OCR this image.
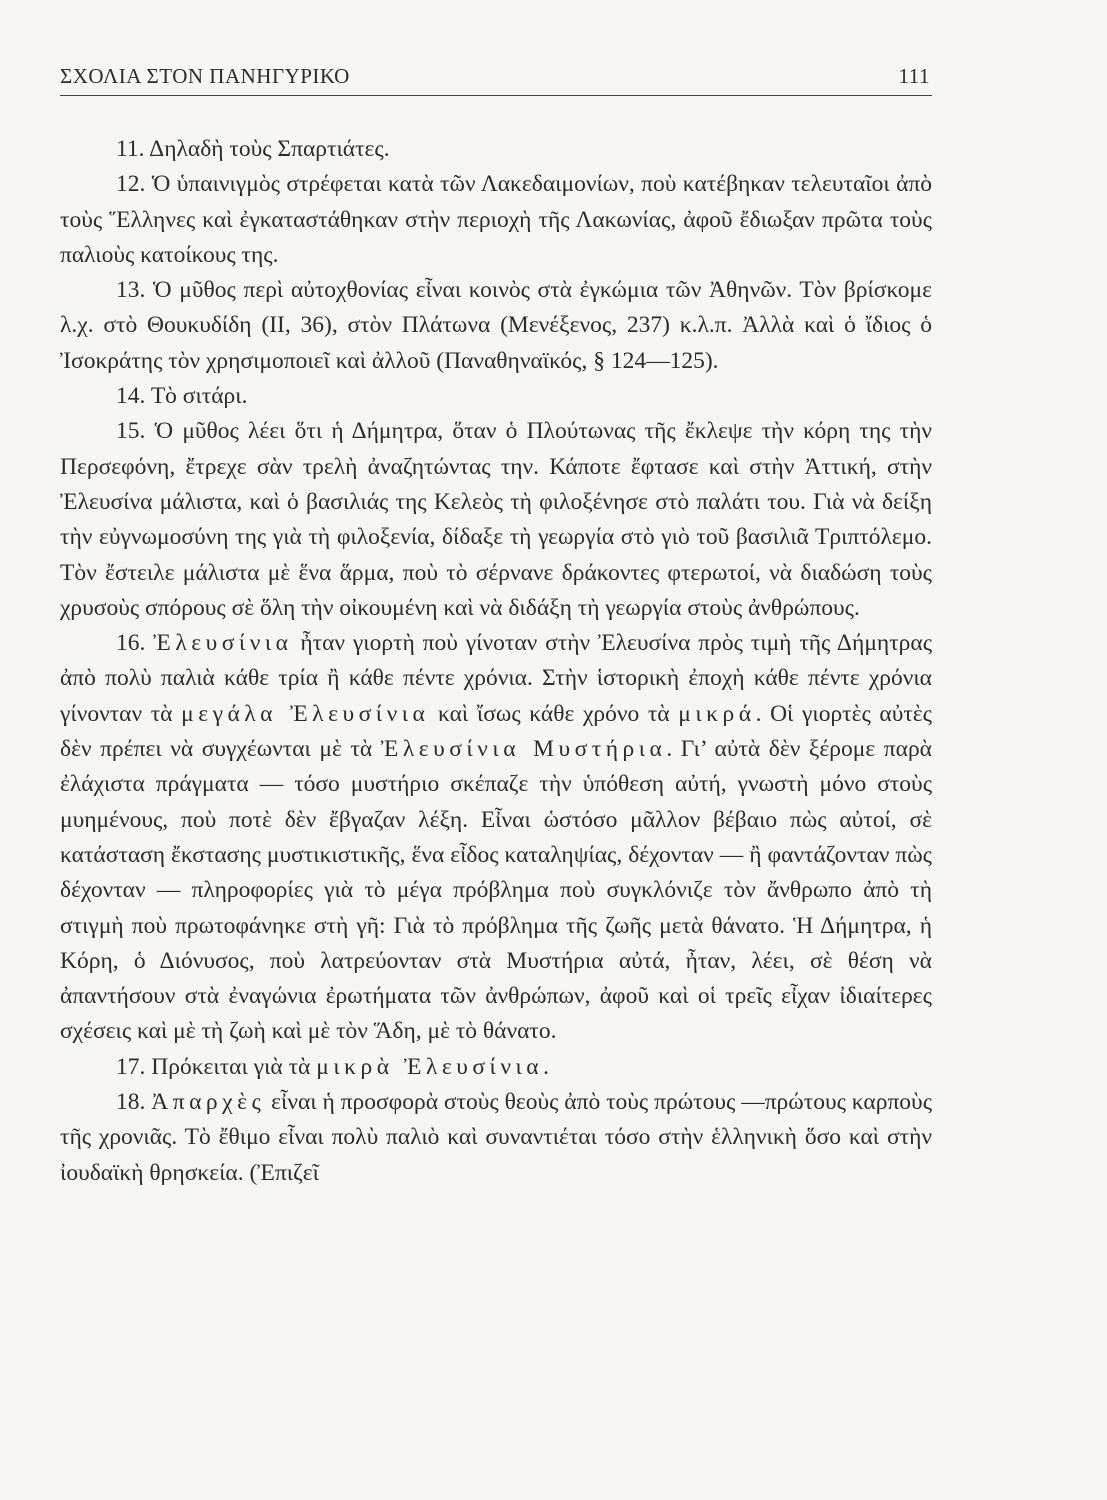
ΣΧΟΛΙΑ ΣΤΟΝ ΠΑΝΗΓΥΡΙΚΟ	111

11. Δηλαδὴ τοὺς Σπαρτιάτες.

12. Ὁ ὑπαινιγμὸς στρέφεται κατὰ τῶν Λακεδαιμονίων, ποὺ κατέβηκαν τελευταῖοι ἀπὸ τοὺς Ἕλληνες καὶ ἐγκαταστάθηκαν στὴν περιοχὴ τῆς Λακωνίας, ἀφοῦ ἔδιωξαν πρῶτα τοὺς παλιοὺς κατοίκους της.

13. Ὁ μῦθος περὶ αὐτοχθονίας εἶναι κοινὸς στὰ ἐγκώμια τῶν Ἀθηνῶν. Τὸν βρίσκομε λ.χ. στὸ Θουκυδίδη (ΙΙ, 36), στὸν Πλάτωνα (Μενέξενος, 237) κ.λ.π. Ἀλλὰ καὶ ὁ ἴδιος ὁ Ἰσοκράτης τὸν χρησιμοποιεῖ καὶ ἀλλοῦ (Παναθηναϊκός, § 124—125).

14. Τὸ σιτάρι.

15. Ὁ μῦθος λέει ὅτι ἡ Δήμητρα, ὅταν ὁ Πλούτωνας τῆς ἔκλεψε τὴν κόρη της τὴν Περσεφόνη, ἔτρεχε σὰν τρελὴ ἀναζητώντας την. Κάποτε ἔφτασε καὶ στὴν Ἀττική, στὴν Ἐλευσίνα μάλιστα, καὶ ὁ βασιλιάς της Κελεὸς τὴ φιλοξένησε στὸ παλάτι του. Γιὰ νὰ δείξη τὴν εὐγνωμοσύνη της γιὰ τὴ φιλοξενία, δίδαξε τὴ γεωργία στὸ γιὸ τοῦ βασιλιᾶ Τριπτόλεμο. Τὸν ἔστειλε μάλιστα μὲ ἕνα ἅρμα, ποὺ τὸ σέρνανε δράκοντες φτερωτοί, νὰ διαδώση τοὺς χρυσοὺς σπόρους σὲ ὅλη τὴν οἰκουμένη καὶ νὰ διδάξη τὴ γεωργία στοὺς ἀνθρώπους.

16. Ἐλευσίνια ἦταν γιορτὴ ποὺ γίνοταν στὴν Ἐλευσίνα πρὸς τιμὴ τῆς Δήμητρας ἀπὸ πολὺ παλιὰ κάθε τρία ἢ κάθε πέντε χρόνια. Στὴν ἱστορικὴ ἐποχὴ κάθε πέντε χρόνια γίνονταν τὰ μεγάλα Ἐλευσίνια καὶ ἴσως κάθε χρόνο τὰ μικρά. Οἱ γιορτὲς αὐτὲς δὲν πρέπει νὰ συγχέωνται μὲ τὰ Ἐλευσίνια Μυστήρια. Γι’ αὐτὰ δὲν ξέρομε παρὰ ἐλάχιστα πράγματα — τόσο μυστήριο σκέπαζε τὴν ὑπόθεση αὐτή, γνωστὴ μόνο στοὺς μυημένους, ποὺ ποτὲ δὲν ἔβγαζαν λέξη. Εἶναι ὡστόσο μᾶλλον βέβαιο πὼς αὐτοί, σὲ κατάσταση ἔκστασης μυστικιστικῆς, ἕνα εἶδος καταληψίας, δέχονταν — ἢ φαντάζονταν πὼς δέχονταν — πληροφορίες γιὰ τὸ μέγα πρόβλημα ποὺ συγκλόνιζε τὸν ἄνθρωπο ἀπὸ τὴ στιγμὴ ποὺ πρωτοφάνηκε στὴ γῆ: Γιὰ τὸ πρόβλημα τῆς ζωῆς μετὰ θάνατο. Ἡ Δήμητρα, ἡ Κόρη, ὁ Διόνυσος, ποὺ λατρεύονταν στὰ Μυστήρια αὐτά, ἦταν, λέει, σὲ θέση νὰ ἀπαντήσουν στὰ ἐναγώνια ἐρωτήματα τῶν ἀνθρώπων, ἀφοῦ καὶ οἱ τρεῖς εἶχαν ἰδιαίτερες σχέσεις καὶ μὲ τὴ ζωὴ καὶ μὲ τὸν Ἅδη, μὲ τὸ θάνατο.

17. Πρόκειται γιὰ τὰ μικρὰ Ἐλευσίνια.

18. Ἀπαρχὲς εἶναι ἡ προσφορὰ στοὺς θεοὺς ἀπὸ τοὺς πρώτους —πρώτους καρποὺς τῆς χρονιᾶς. Τὸ ἔθιμο εἶναι πολὺ παλιὸ καὶ συναντιέται τόσο στὴν ἑλληνικὴ ὅσο καὶ στὴν ἰουδαϊκὴ θρησκεία. (Ἐπιζεῖ
